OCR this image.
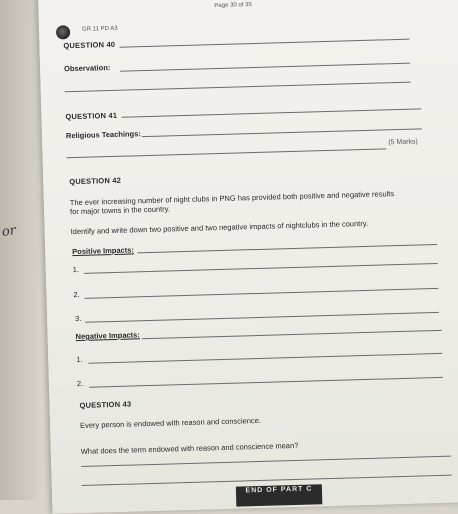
or
Page 30 of 35
GR 11 PD A3
QUESTION 40
Observation:
QUESTION 41
Religious Teachings:
(5 Marks)
QUESTION 42
The ever increasing number of night clubs in PNG has provided both positive and negative results
for major towns in the country.
Identify and write down two positive and two negative impacts of nightclubs in the country.
Positive Impacts:
1.
2.
3.
Negative Impacts:
1.
2.
QUESTION 43
Every person is endowed with reason and conscience.
What does the term endowed with reason and conscience mean?
END OF PART C
